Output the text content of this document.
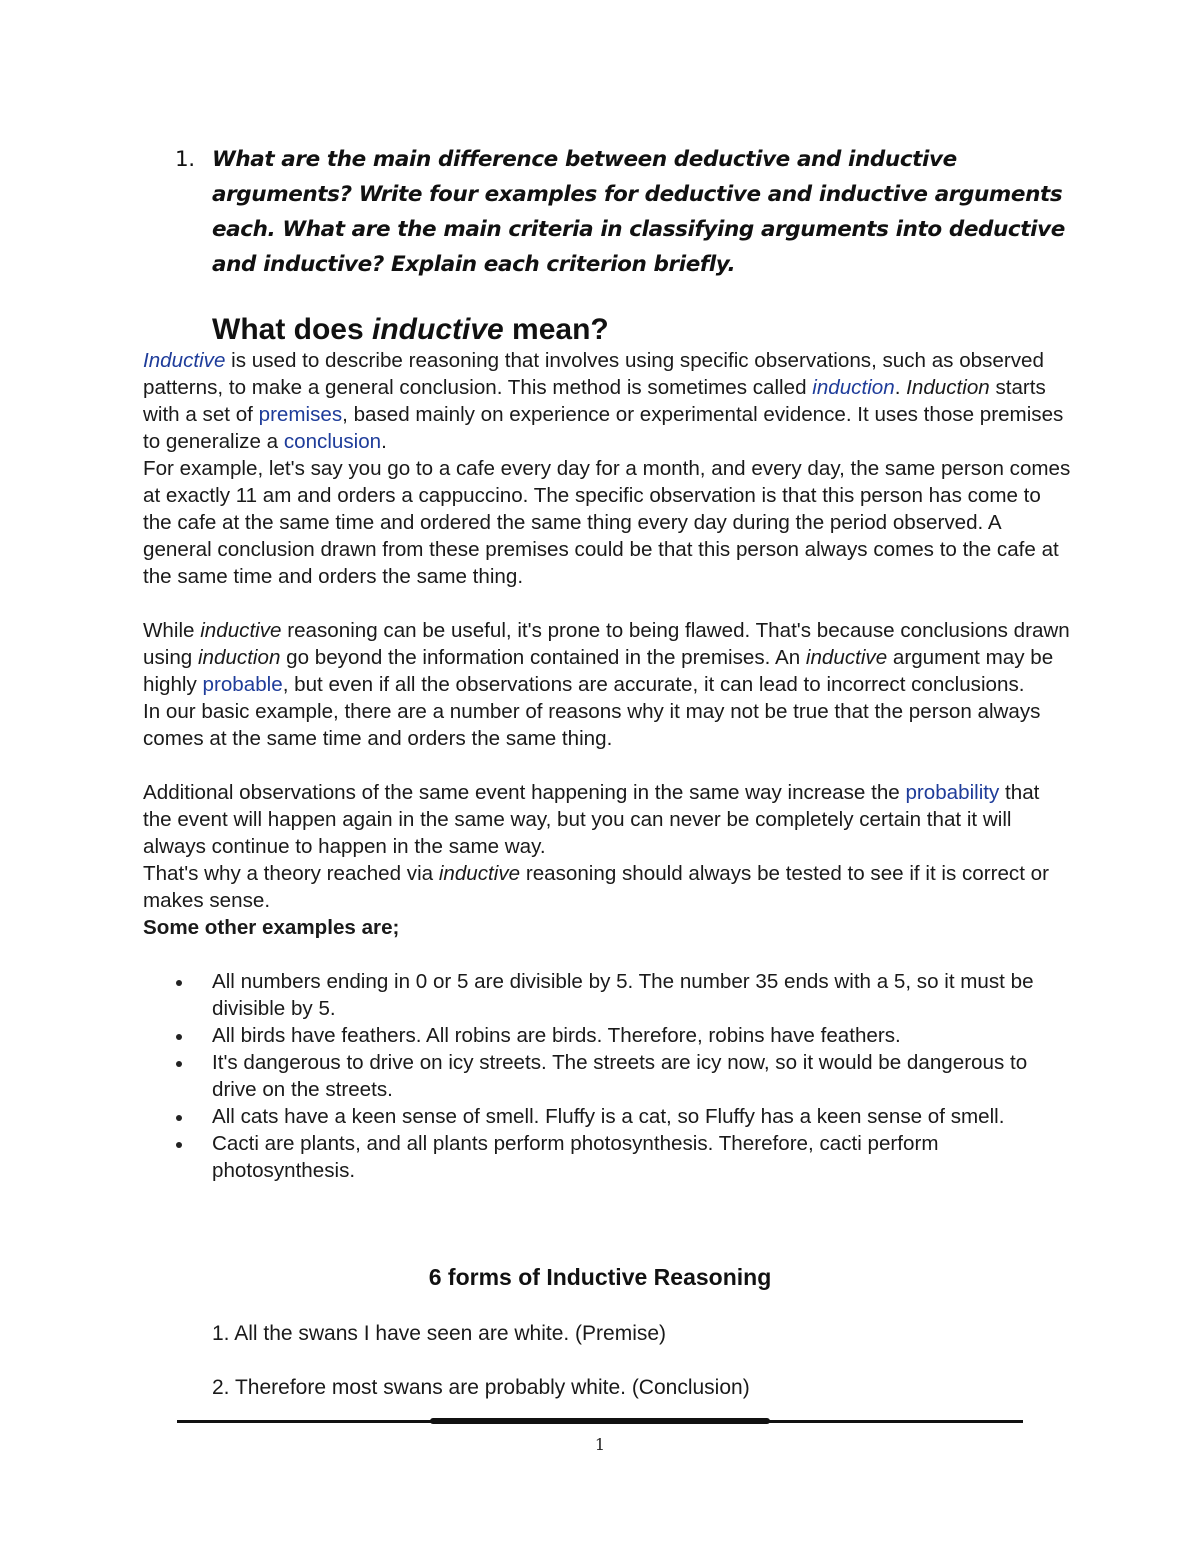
1. What are the main difference between deductive and inductive arguments? Write four examples for deductive and inductive arguments each. What are the main criteria in classifying arguments into deductive and inductive? Explain each criterion briefly.
What does inductive mean?

Inductive is used to describe reasoning that involves using specific observations, such as observed patterns, to make a general conclusion. This method is sometimes called induction. Induction starts with a set of premises, based mainly on experience or experimental evidence. It uses those premises to generalize a conclusion.

For example, let's say you go to a cafe every day for a month, and every day, the same person comes at exactly 11 am and orders a cappuccino. The specific observation is that this person has come to the cafe at the same time and ordered the same thing every day during the period observed. A general conclusion drawn from these premises could be that this person always comes to the cafe at the same time and orders the same thing.

While inductive reasoning can be useful, it's prone to being flawed. That's because conclusions drawn using induction go beyond the information contained in the premises. An inductive argument may be highly probable, but even if all the observations are accurate, it can lead to incorrect conclusions.

In our basic example, there are a number of reasons why it may not be true that the person always comes at the same time and orders the same thing.

Additional observations of the same event happening in the same way increase the probability that the event will happen again in the same way, but you can never be completely certain that it will always continue to happen in the same way.

That's why a theory reached via inductive reasoning should always be tested to see if it is correct or makes sense.

Some other examples are;

All numbers ending in 0 or 5 are divisible by 5. The number 35 ends with a 5, so it must be divisible by 5.
All birds have feathers. All robins are birds. Therefore, robins have feathers.
It's dangerous to drive on icy streets. The streets are icy now, so it would be dangerous to drive on the streets.
All cats have a keen sense of smell. Fluffy is a cat, so Fluffy has a keen sense of smell.
Cacti are plants, and all plants perform photosynthesis. Therefore, cacti perform photosynthesis.
6 forms of Inductive Reasoning
1. All the swans I have seen are white. (Premise)
2. Therefore most swans are probably white. (Conclusion)
1
